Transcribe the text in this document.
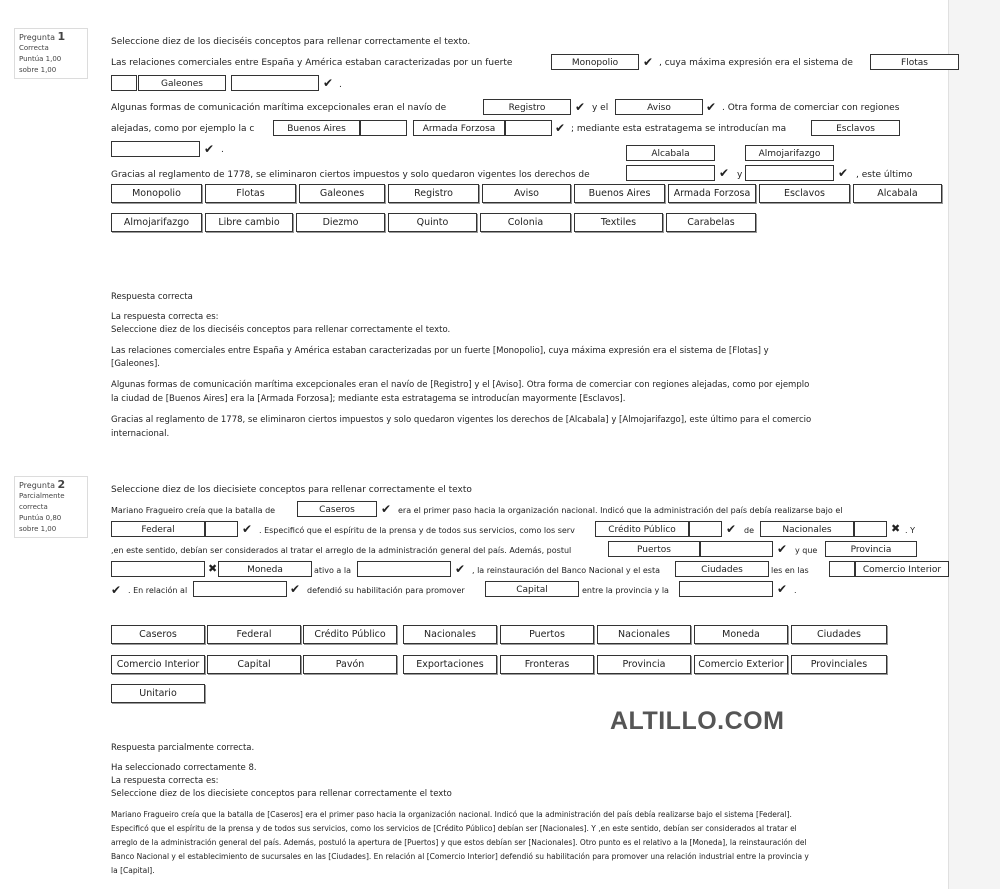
Pregunta 1
Correcta
Puntúa 1,00
sobre 1,00
Seleccione diez de los dieciséis conceptos para rellenar correctamente el texto.
Las relaciones comerciales entre España y América estaban caracterizadas por un fuerte	Monopolio	✔ , cuya máxima expresión era el sistema de	Flotas
Galeones	✔ .
Algunas formas de comunicación marítima excepcionales eran el navío de	Registro	✔ y el	Aviso	✔ . Otra forma de comerciar con regiones
alejadas, como por ejemplo la c	Buenos Aires	Armada Forzosa	✔ ; mediante esta estratagema se introducían ma	Esclavos
✔ .	Alcabala	Almojarifazgo
Gracias al reglamento de 1778, se eliminaron ciertos impuestos y solo quedaron vigentes los derechos de	✔ y	✔ , este último
Monopolio	Flotas	Galeones	Registro	Aviso	Buenos Aires	Armada Forzosa	Esclavos	Alcabala
Almojarifazgo	Libre cambio	Diezmo	Quinto	Colonia	Textiles	Carabelas
Respuesta correcta
La respuesta correcta es:
Seleccione diez de los dieciséis conceptos para rellenar correctamente el texto.
Las relaciones comerciales entre España y América estaban caracterizadas por un fuerte [Monopolio], cuya máxima expresión era el sistema de [Flotas] y
[Galeones].
Algunas formas de comunicación marítima excepcionales eran el navío de [Registro] y el [Aviso]. Otra forma de comerciar con regiones alejadas, como por ejemplo
la ciudad de [Buenos Aires] era la [Armada Forzosa]; mediante esta estratagema se introducían mayormente [Esclavos].
Gracias al reglamento de 1778, se eliminaron ciertos impuestos y solo quedaron vigentes los derechos de [Alcabala] y [Almojarifazgo], este último para el comercio
internacional.
Pregunta 2
Parcialmente correcta
Puntúa 0,80
sobre 1,00
Seleccione diez de los diecisiete conceptos para rellenar correctamente el texto
Mariano Fragueiro creía que la batalla de	Caseros	✔ era el primer paso hacia la organización nacional. Indicó que la administración del país debía realizarse bajo el
Federal	✔ . Especificó que el espíritu de la prensa y de todos sus servicios, como los serv	Crédito Público	✔ de	Nacionales	✖ . Y
,en este sentido, debían ser considerados al tratar el arreglo de la administración general del país. Además, postul	Puertos	✔ y que	Provincia
✖	Moneda	ativo a la	✔ , la reinstauración del Banco Nacional y el esta	Ciudades	les en las	Comercio Interior
✔ . En relación al	✔ defendió su habilitación para promover	Capital	entre la provincia y la	✔ .
Caseros	Federal	Crédito Público	Nacionales	Puertos	Nacionales	Moneda	Ciudades
Comercio Interior	Capital	Pavón	Exportaciones	Fronteras	Provincia	Comercio Exterior	Provinciales
Unitario
ALTILLO.COM
Respuesta parcialmente correcta.
Ha seleccionado correctamente 8.
La respuesta correcta es:
Seleccione diez de los diecisiete conceptos para rellenar correctamente el texto
Mariano Fragueiro creía que la batalla de [Caseros] era el primer paso hacia la organización nacional. Indicó que la administración del país debía realizarse bajo el sistema [Federal].
Especificó que el espíritu de la prensa y de todos sus servicios, como los servicios de [Crédito Público] debían ser [Nacionales]. Y ,en este sentido, debían ser considerados al tratar el
arreglo de la administración general del país. Además, postuló la apertura de [Puertos] y que estos debían ser [Nacionales]. Otro punto es el relativo a la [Moneda], la reinstauración del
Banco Nacional y el establecimiento de sucursales en las [Ciudades]. En relación al [Comercio Interior] defendió su habilitación para promover una relación industrial entre la provincia y
la [Capital].
